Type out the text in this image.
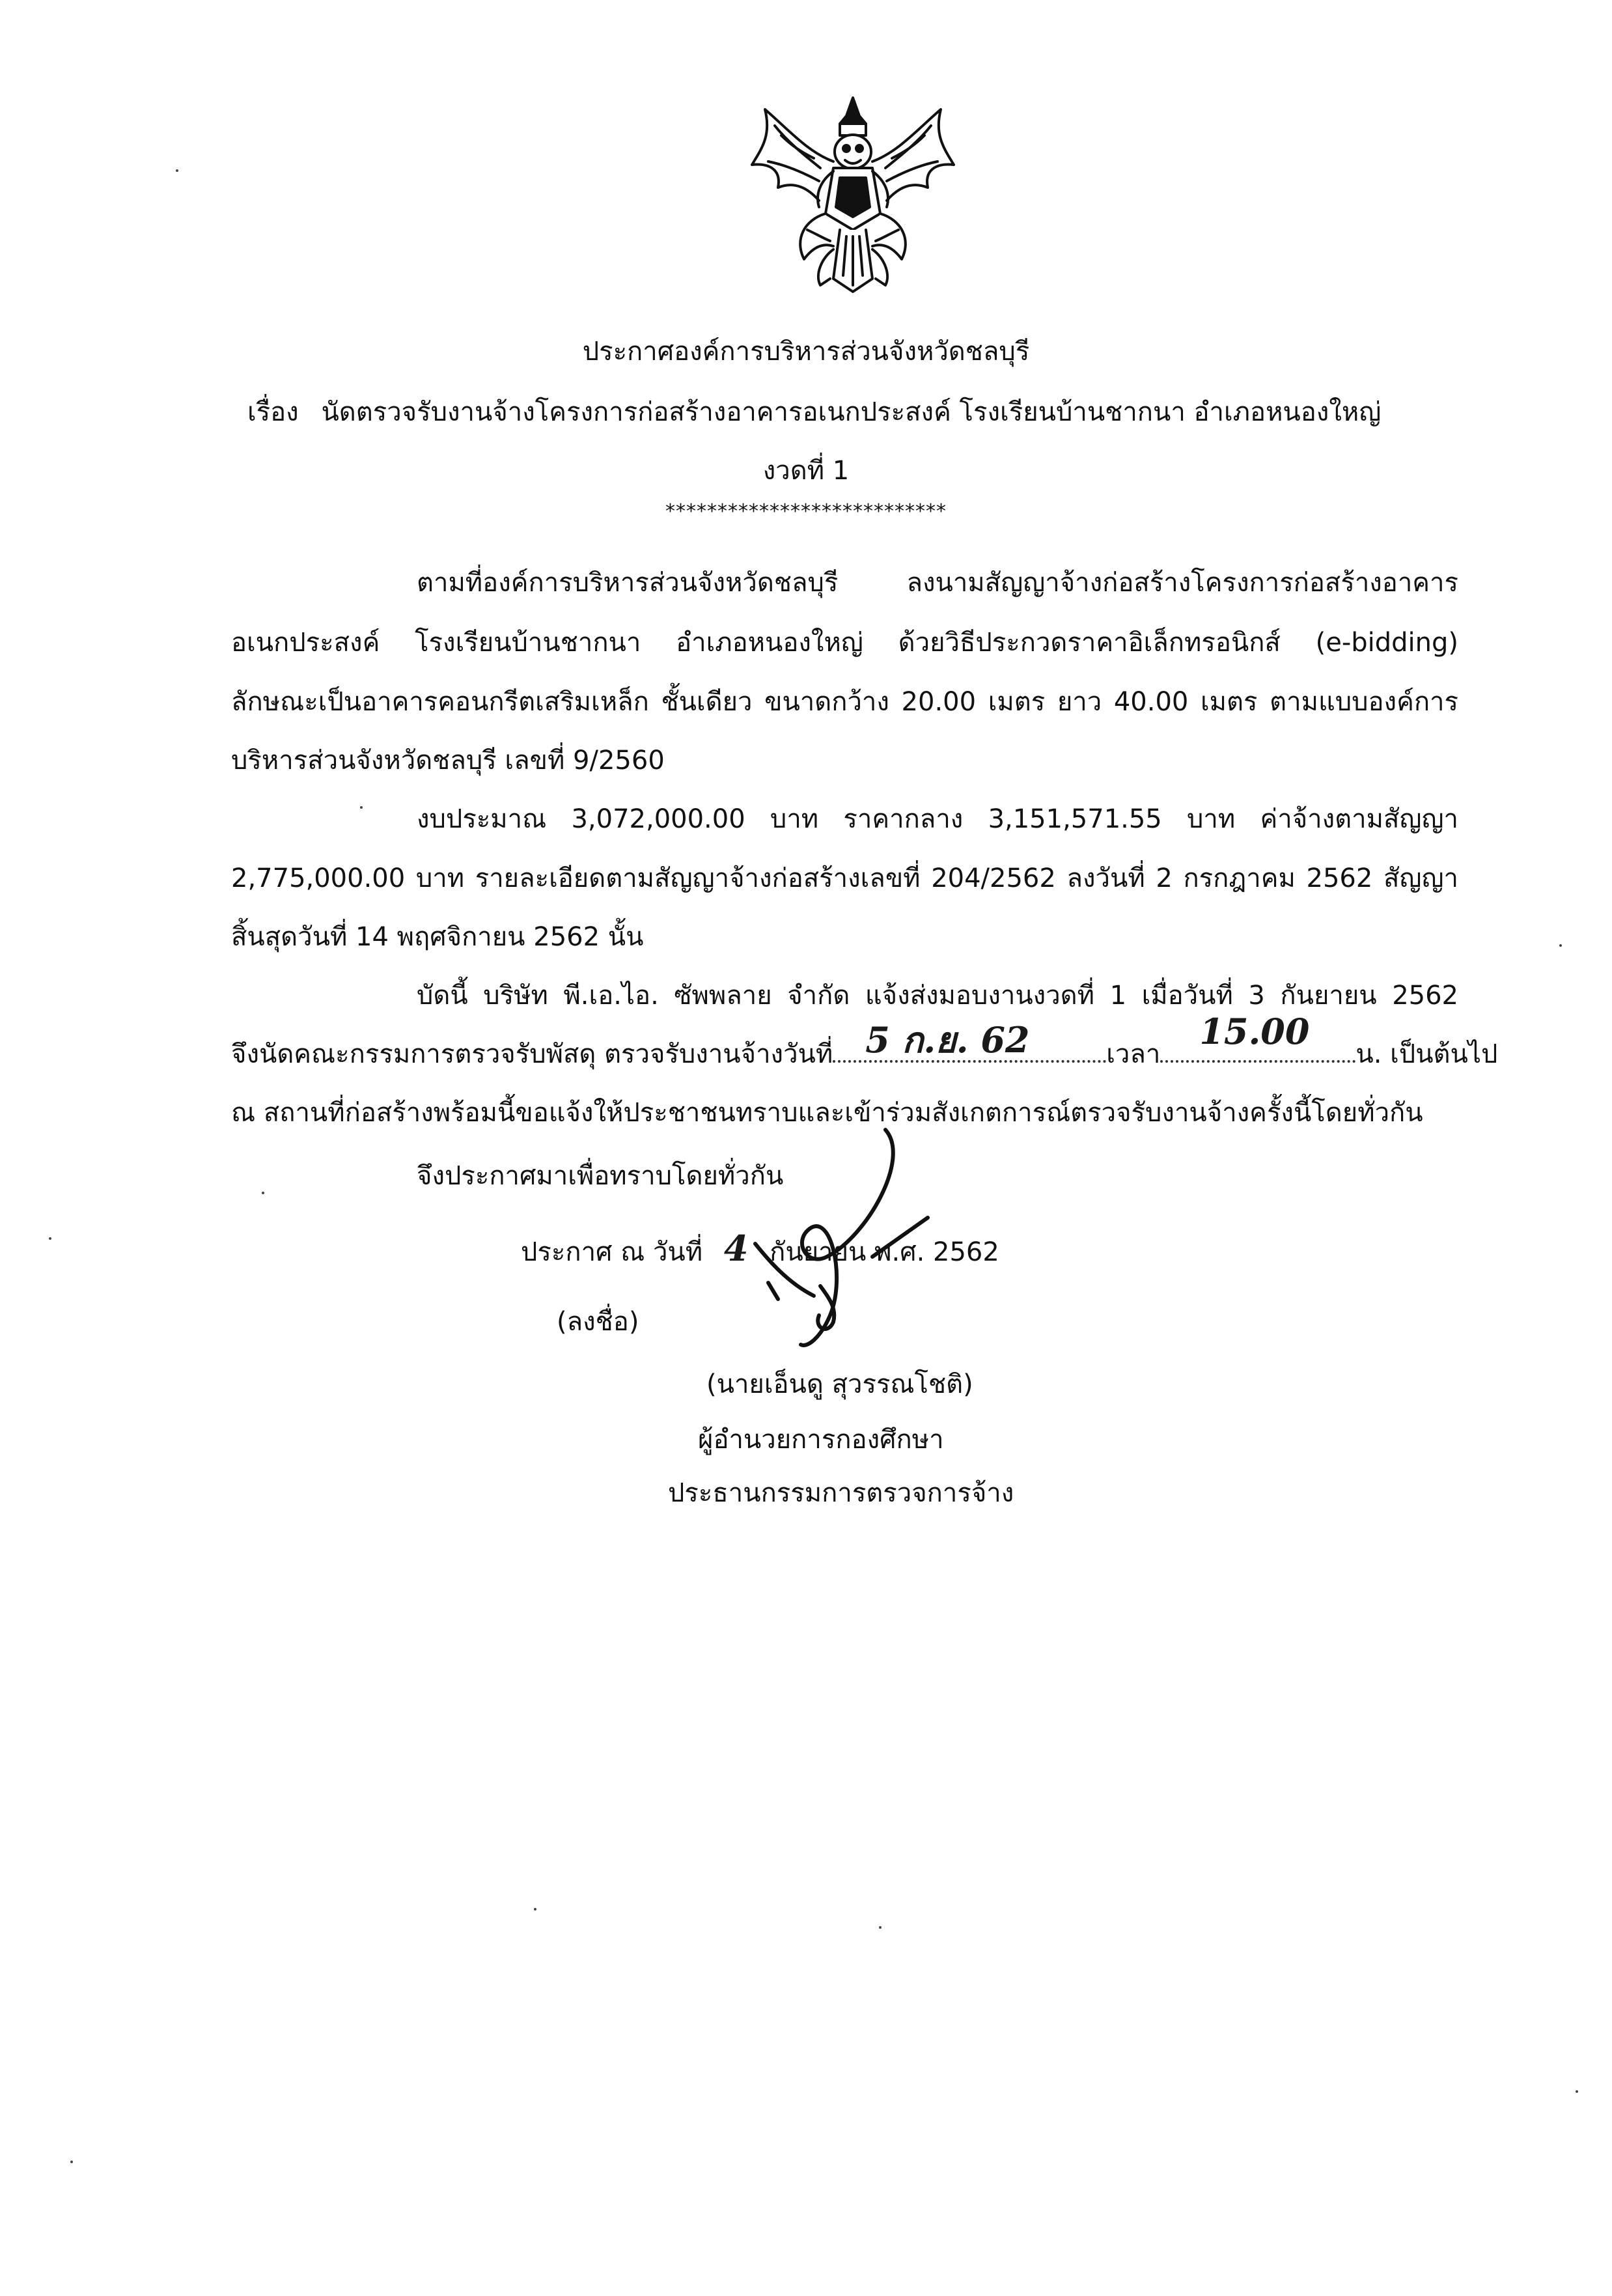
ประกาศองค์การบริหารส่วนจังหวัดชลบุรี
เรื่อง นัดตรวจรับงานจ้างโครงการก่อสร้างอาคารอเนกประสงค์ โรงเรียนบ้านชากนา อำเภอหนองใหญ่
งวดที่ 1
***************************
ตามที่องค์การบริหารส่วนจังหวัดชลบุรี ลงนามสัญญาจ้างก่อสร้างโครงการก่อสร้างอาคาร
อเนกประสงค์ โรงเรียนบ้านชากนา อำเภอหนองใหญ่ ด้วยวิธีประกวดราคาอิเล็กทรอนิกส์ (e-bidding)
ลักษณะเป็นอาคารคอนกรีตเสริมเหล็ก ชั้นเดียว ขนาดกว้าง 20.00 เมตร ยาว 40.00 เมตร ตามแบบองค์การ
บริหารส่วนจังหวัดชลบุรี เลขที่ 9/2560
งบประมาณ 3,072,000.00 บาท ราคากลาง 3,151,571.55 บาท ค่าจ้างตามสัญญา
2,775,000.00 บาท รายละเอียดตามสัญญาจ้างก่อสร้างเลขที่ 204/2562 ลงวันที่ 2 กรกฎาคม 2562 สัญญา
สิ้นสุดวันที่ 14 พฤศจิกายน 2562 นั้น
บัดนี้ บริษัท พี.เอ.ไอ. ซัพพลาย จำกัด แจ้งส่งมอบงานงวดที่ 1 เมื่อวันที่ 3 กันยายน 2562
จึงนัดคณะกรรมการตรวจรับพัสดุ ตรวจรับงานจ้างวันที่ 5 ก.ย. 62	เวลา
15.00
น. เป็นต้นไป
ณ สถานที่ก่อสร้างพร้อมนี้ขอแจ้งให้ประชาชนทราบและเข้าร่วมสังเกตการณ์ตรวจรับงานจ้างครั้งนี้โดยทั่วกัน
จึงประกาศมาเพื่อทราบโดยทั่วกัน
ประกาศ ณ วันที่ 4 กันยายน พ.ศ. 2562
(ลงชื่อ)
(นายเอ็นดู สุวรรณโชติ)
ผู้อำนวยการกองศึกษา
ประธานกรรมการตรวจการจ้าง
